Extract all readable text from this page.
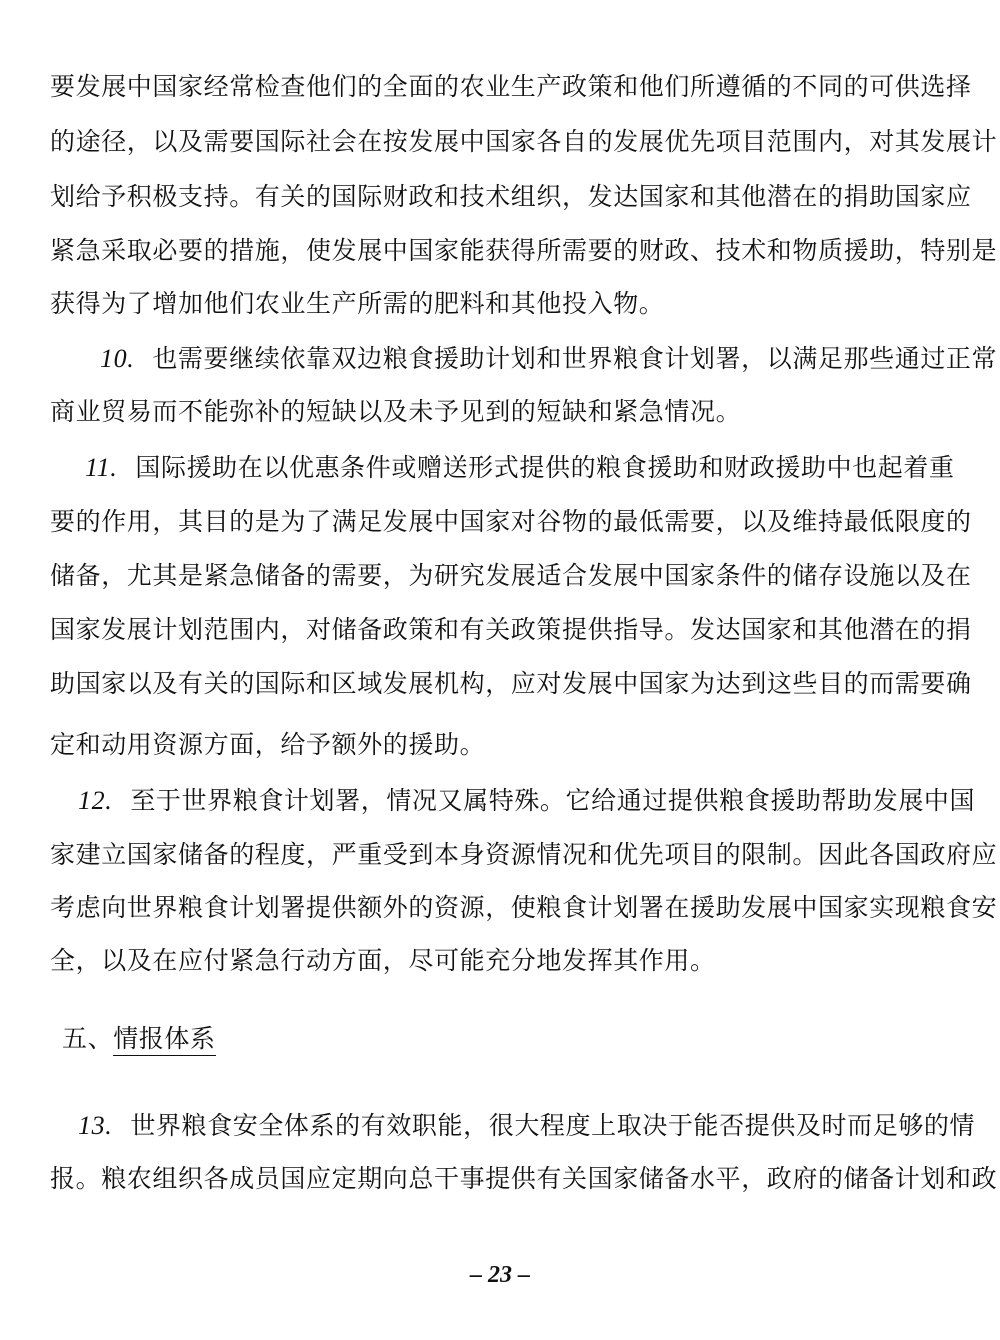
要发展中国家经常检查他们的全面的农业生产政策和他们所遵循的不同的可供选择
的途径，以及需要国际社会在按发展中国家各自的发展优先项目范围内，对其发展计
划给予积极支持。有关的国际财政和技术组织，发达国家和其他潜在的捐助国家应
紧急采取必要的措施，使发展中国家能获得所需要的财政、技术和物质援助，特别是
获得为了增加他们农业生产所需的肥料和其他投入物。
10. 也需要继续依靠双边粮食援助计划和世界粮食计划署，以满足那些通过正常
商业贸易而不能弥补的短缺以及未予见到的短缺和紧急情况。
11. 国际援助在以优惠条件或赠送形式提供的粮食援助和财政援助中也起着重
要的作用，其目的是为了满足发展中国家对谷物的最低需要，以及维持最低限度的
储备，尤其是紧急储备的需要，为研究发展适合发展中国家条件的储存设施以及在
国家发展计划范围内，对储备政策和有关政策提供指导。发达国家和其他潜在的捐
助国家以及有关的国际和区域发展机构，应对发展中国家为达到这些目的而需要确
定和动用资源方面，给予额外的援助。
12. 至于世界粮食计划署，情况又属特殊。它给通过提供粮食援助帮助发展中国
家建立国家储备的程度，严重受到本身资源情况和优先项目的限制。因此各国政府应
考虑向世界粮食计划署提供额外的资源，使粮食计划署在援助发展中国家实现粮食安
全，以及在应付紧急行动方面，尽可能充分地发挥其作用。
五、情报体系
13. 世界粮食安全体系的有效职能，很大程度上取决于能否提供及时而足够的情
报。粮农组织各成员国应定期向总干事提供有关国家储备水平，政府的储备计划和政
– 23 –
